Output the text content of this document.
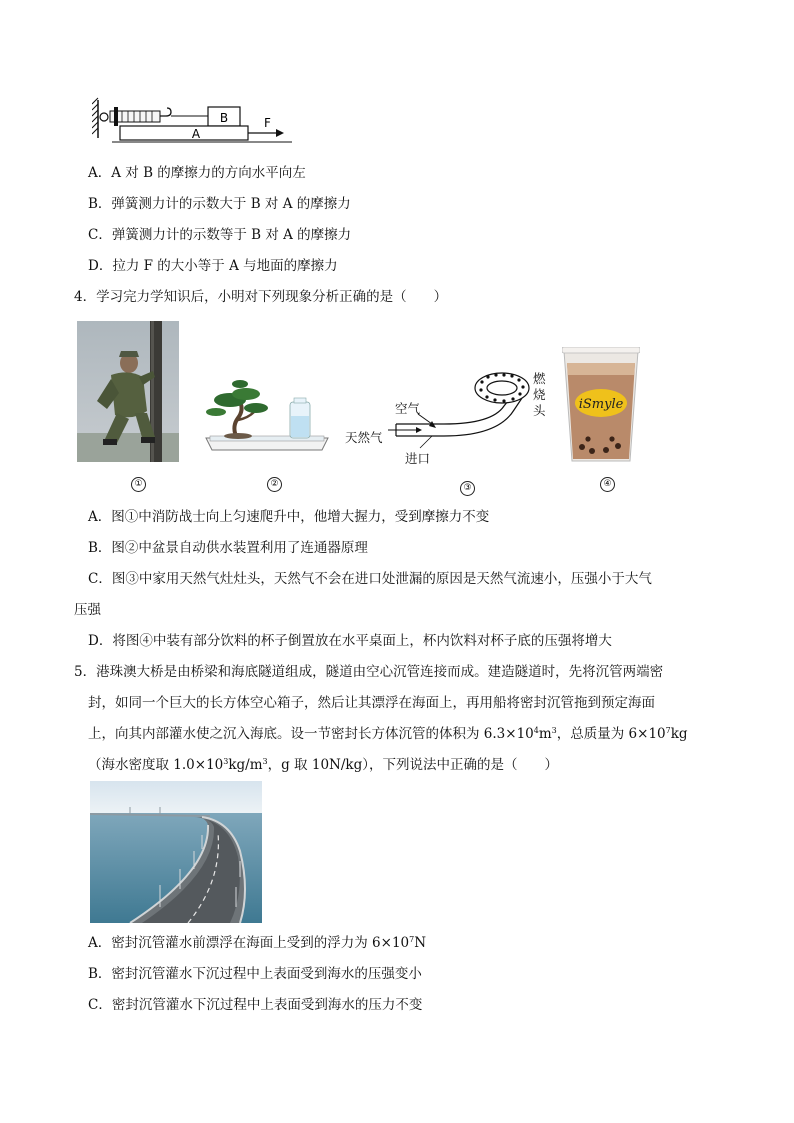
B
A
F
A．A 对 B 的摩擦力的方向水平向左
B．弹簧测力计的示数大于 B 对 A 的摩擦力
C．弹簧测力计的示数等于 B 对 A 的摩擦力
D．拉力 F 的大小等于 A 与地面的摩擦力
4．学习完力学知识后，小明对下列现象分析正确的是（　　）
①	②
空气
天然气
进口
燃烧头
③
iSmyle
④
A．图①中消防战士向上匀速爬升中，他增大握力，受到摩擦力不变
B．图②中盆景自动供水装置利用了连通器原理
C．图③中家用天然气灶灶头，天然气不会在进口处泄漏的原因是天然气流速小，压强小于大气
压强
D．将图④中装有部分饮料的杯子倒置放在水平桌面上，杯内饮料对杯子底的压强将增大
5．港珠澳大桥是由桥梁和海底隧道组成，隧道由空心沉管连接而成。建造隧道时，先将沉管两端密
封，如同一个巨大的长方体空心箱子，然后让其漂浮在海面上，再用船将密封沉管拖到预定海面
上，向其内部灌水使之沉入海底。设一节密封长方体沉管的体积为 $6.3\times 10^4m^3$，总质量为 $6\times 10^7kg$
（海水密度取 $1.0\times 10^3kg/m^3$，g 取 10N/kg），下列说法中正确的是（　　）
A．密封沉管灌水前漂浮在海面上受到的浮力为 $6\times 10^7N$
B．密封沉管灌水下沉过程中上表面受到海水的压强变小
C．密封沉管灌水下沉过程中上表面受到海水的压力不变
